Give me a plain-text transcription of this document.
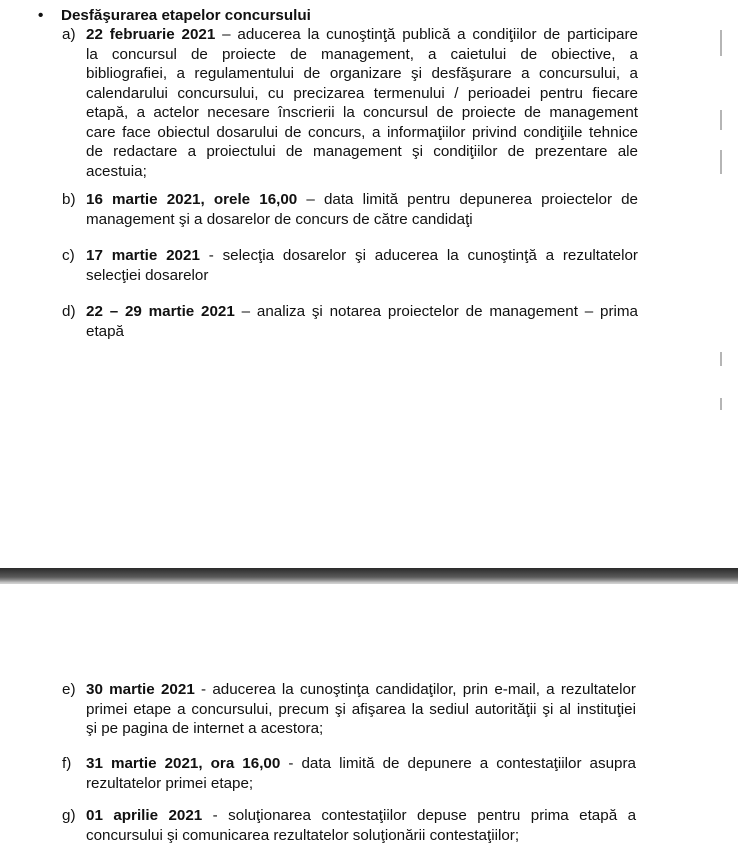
• Desfăşurarea etapelor concursului
a) 22 februarie 2021 – aducerea la cunoştinţă publică a condiţiilor de participare
la concursul de proiecte de management, a caietului de obiective, a
bibliografiei, a regulamentului de organizare şi desfăşurare a concursului, a
calendarului concursului, cu precizarea termenului / perioadei pentru fiecare
etapă, a actelor necesare înscrierii la concursul de proiecte de management
care face obiectul dosarului de concurs, a informaţiilor privind condiţiile tehnice
de redactare a proiectului de management şi condiţiilor de prezentare ale
acestuia;
b) 16 martie 2021, orele 16,00 – data limită pentru depunerea proiectelor de
management şi a dosarelor de concurs de către candidaţi
c) 17 martie 2021 - selecţia dosarelor şi aducerea la cunoştinţă a rezultatelor
selecţiei dosarelor
d) 22 – 29 martie 2021 – analiza şi notarea proiectelor de management – prima
etapă
e) 30 martie 2021 - aducerea la cunoştinţa candidaţilor, prin e-mail, a rezultatelor
primei etape a concursului, precum şi afişarea la sediul autorităţii şi al instituţiei
şi pe pagina de internet a acestora;
f) 31 martie 2021, ora 16,00 - data limită de depunere a contestaţiilor asupra
rezultatelor primei etape;
g) 01 aprilie 2021 - soluţionarea contestaţiilor depuse pentru prima etapă a
concursului şi comunicarea rezultatelor soluţionării contestaţiilor;
